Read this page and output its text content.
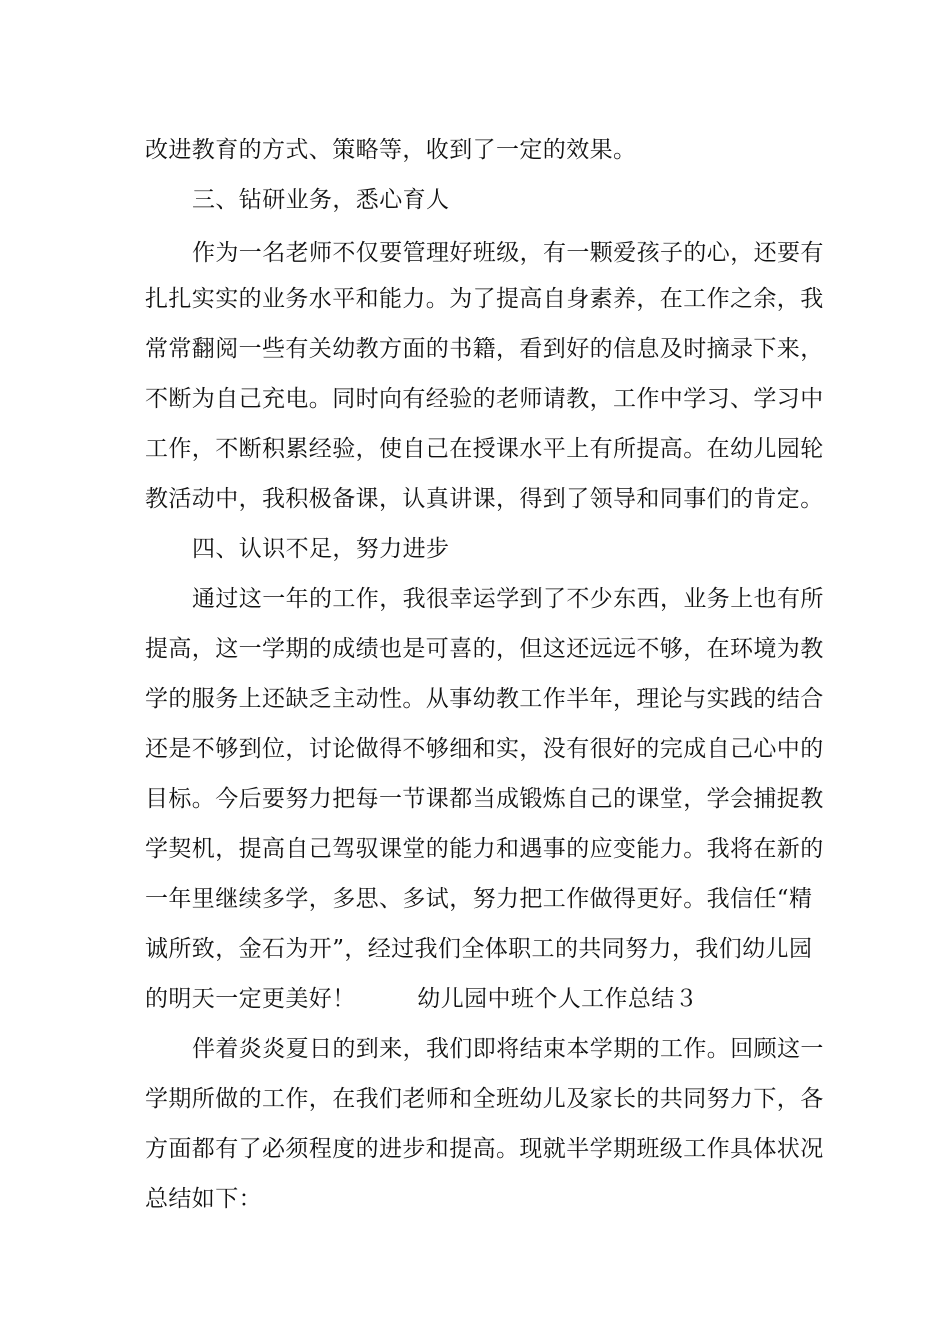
改进教育的方式、策略等，收到了一定的效果。
三、钻研业务，悉心育人
作为一名老师不仅要管理好班级，有一颗爱孩子的心，还要有
扎扎实实的业务水平和能力。为了提高自身素养，在工作之余，我
常常翻阅一些有关幼教方面的书籍，看到好的信息及时摘录下来，
不断为自己充电。同时向有经验的老师请教，工作中学习、学习中
工作，不断积累经验，使自己在授课水平上有所提高。在幼儿园轮
教活动中，我积极备课，认真讲课，得到了领导和同事们的肯定。
四、认识不足，努力进步
通过这一年的工作，我很幸运学到了不少东西，业务上也有所
提高，这一学期的成绩也是可喜的，但这还远远不够，在环境为教
学的服务上还缺乏主动性。从事幼教工作半年，理论与实践的结合
还是不够到位，讨论做得不够细和实，没有很好的完成自己心中的
目标。今后要努力把每一节课都当成锻炼自己的课堂，学会捕捉教
学契机，提高自己驾驭课堂的能力和遇事的应变能力。我将在新的
一年里继续多学，多思、多试，努力把工作做得更好。我信任“精
诚所致，金石为开”，经过我们全体职工的共同努力，我们幼儿园
的明天一定更美好！        幼儿园中班个人工作总结３
伴着炎炎夏日的到来，我们即将结束本学期的工作。回顾这一
学期所做的工作，在我们老师和全班幼儿及家长的共同努力下，各
方面都有了必须程度的进步和提高。现就半学期班级工作具体状况
总结如下：
